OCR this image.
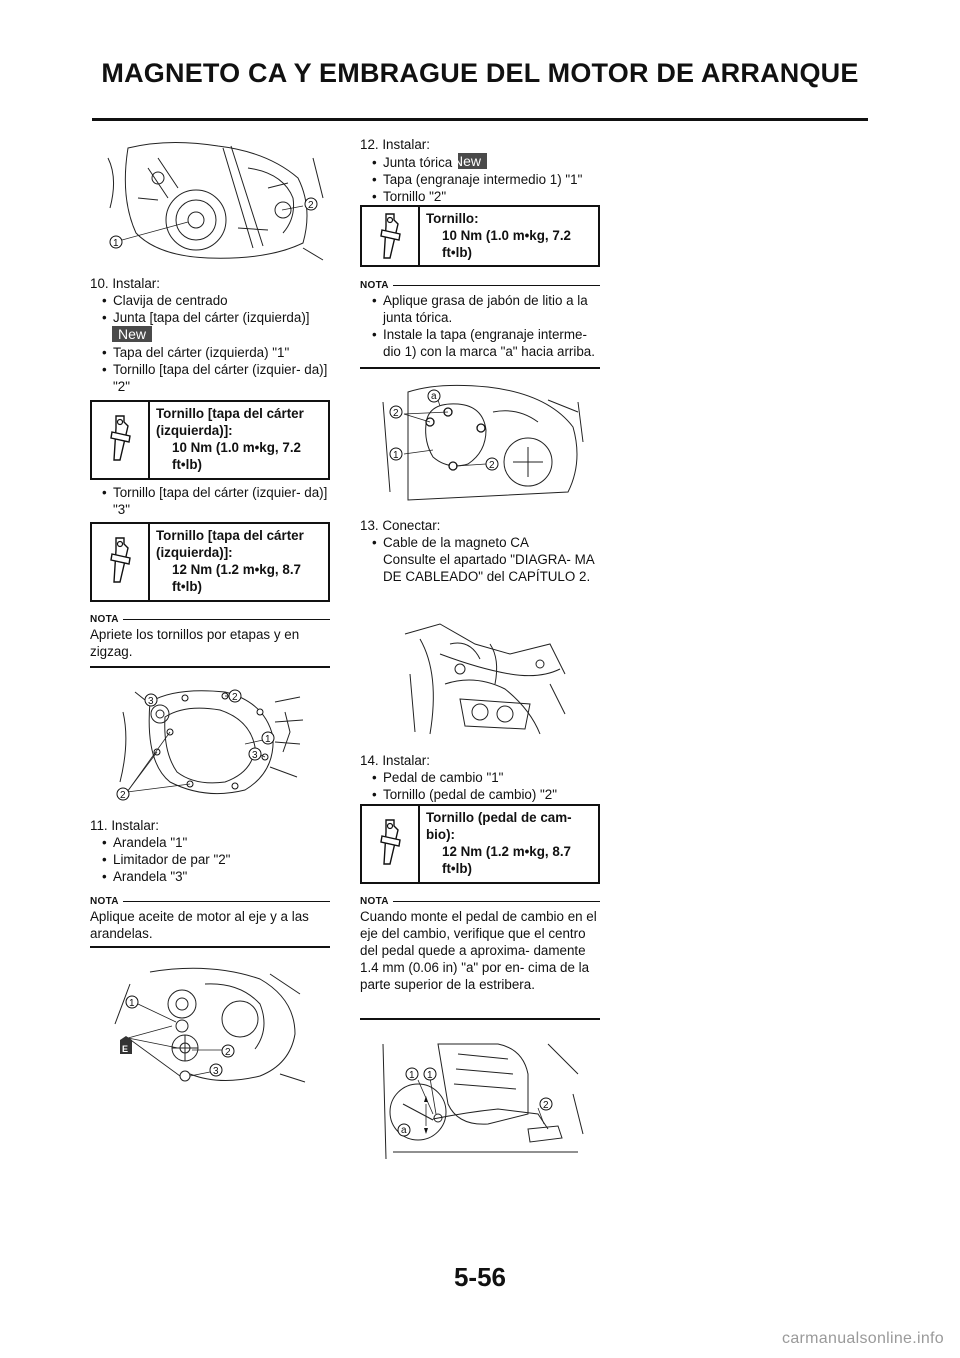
MAGNETO CA Y EMBRAGUE DEL MOTOR DE ARRANQUE
1
2

10. Instalar:

• Clavija de centrado

• Junta [tapa del cárter (izquierda)]

New

• Tapa del cárter (izquierda) "1"

• Tornillo [tapa del cárter (izquier- da)] "2"

Tornillo [tapa del cárter (izquierda)]:
10 Nm (1.0 m•kg, 7.2 ft•lb)

• Tornillo [tapa del cárter (izquier- da)] "3"

Tornillo [tapa del cárter (izquierda)]:
12 Nm (1.2 m•kg, 8.7 ft•lb)
NOTA
Apriete los tornillos por etapas y en zigzag.
2
2
3
1
3

11. Instalar:

• Arandela "1"

• Limitador de par "2"

• Arandela "3"

NOTA
Aplique aceite de motor al eje y a las arandelas.
E
1
2
3

12. Instalar:

• Junta tórica New

• Tapa (engranaje intermedio 1) "1"

• Tornillo "2"

Tornillo:
10 Nm (1.0 m•kg, 7.2 ft•lb)
NOTA

• Aplique grasa de jabón de litio a la junta tórica.

• Instale la tapa (engranaje interme- dio 1) con la marca "a" hacia arriba.

2
1
2
a

13. Conectar:

• Cable de la magneto CA

Consulte el apartado "DIAGRA- MA DE CABLEADO" del CAPÍTULO 2.

14. Instalar:

• Pedal de cambio "1"

• Tornillo (pedal de cambio) "2"

Tornillo (pedal de cam- bio):
12 Nm (1.2 m•kg, 8.7 ft•lb)
NOTA
Cuando monte el pedal de cambio en el eje del cambio, verifique que el centro del pedal quede a aproxima- damente 1.4 mm (0.06 in) "a" por en- cima de la parte superior de la estribera.
1 1
2
a
5-56
carmanualsonline.info
